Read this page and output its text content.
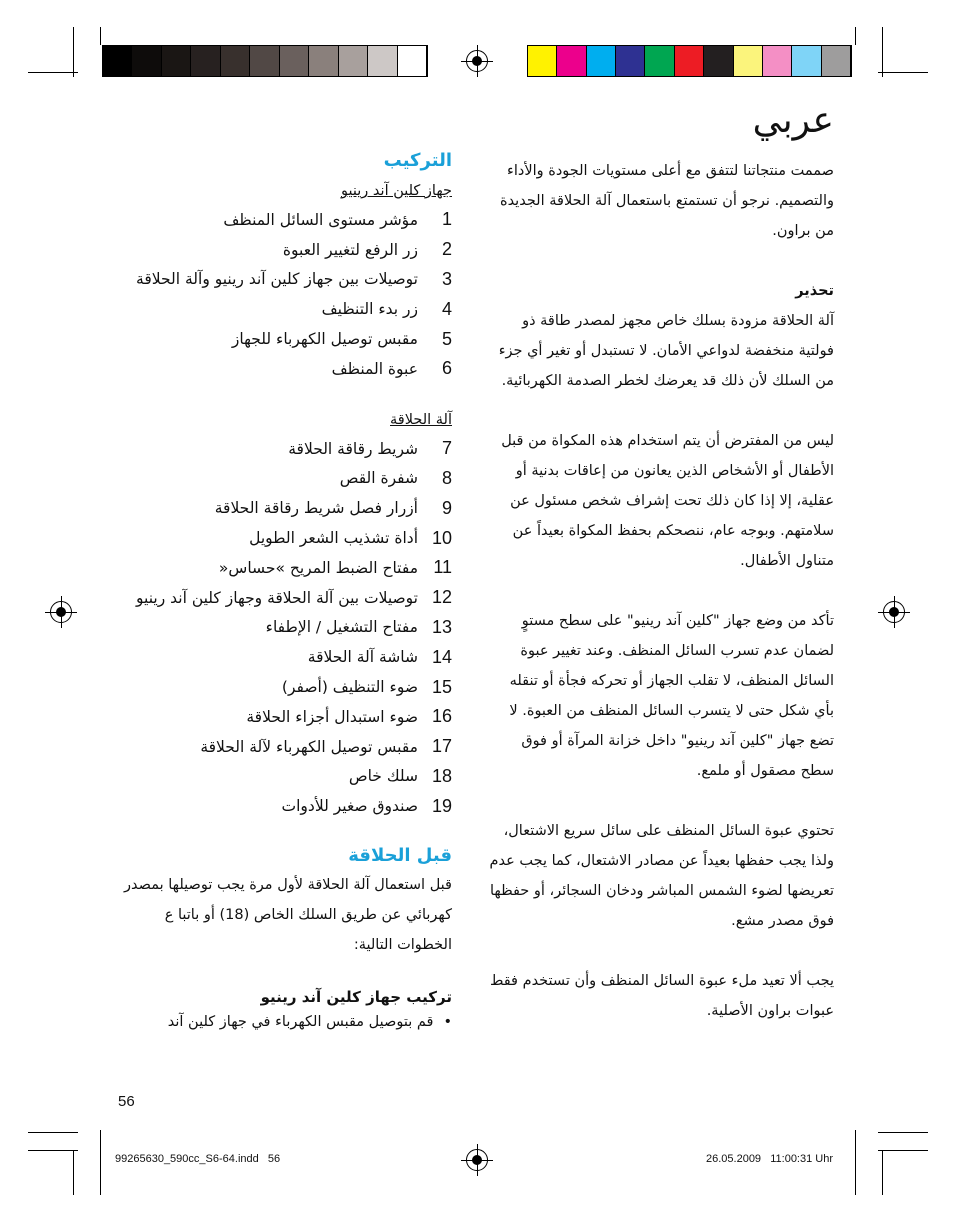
عربي

صممت منتجاتنا لتتفق مع أعلى مستويات الجودة والأداء والتصميم. نرجو أن تستمتع باستعمال آلة الحلاقة الجديدة من براون.

تحذير

آلة الحلاقة مزودة بسلك خاص مجهز لمصدر طاقة ذو فولتية منخفضة لدواعي الأمان. لا تستبدل أو تغير أي جزء من السلك لأن ذلك قد يعرضك لخطر الصدمة الكهربائية.

ليس من المفترض أن يتم استخدام هذه المكواة من قبل الأطفال أو الأشخاص الذين يعانون من إعاقات بدنية أو عقلية، إلا إذا كان ذلك تحت إشراف شخص مسئول عن سلامتهم. وبوجه عام، ننصحكم بحفظ المكواة بعيداً عن متناول الأطفال.

تأكد من وضع جهاز "كلين آند رينيو" على سطح مستوٍ لضمان عدم تسرب السائل المنظف. وعند تغيير عبوة السائل المنظف، لا تقلب الجهاز أو تحركه فجأة أو تنقله بأي شكل حتى لا يتسرب السائل المنظف من العبوة. لا تضع جهاز "كلين آند رينيو" داخل خزانة المرآة أو فوق سطح مصقول أو ملمع.

تحتوي عبوة السائل المنظف على سائل سريع الاشتعال، ولذا يجب حفظها بعيداً عن مصادر الاشتعال، كما يجب عدم تعريضها لضوء الشمس المباشر ودخان السجائر، أو حفظها فوق مصدر مشع.

يجب ألا تعيد ملء عبوة السائل المنظف وأن تستخدم فقط عبوات براون الأصلية.

التركيب

جهاز كلين آند رينيو

1
مؤشر مستوى السائل المنظف
2
زر الرفع لتغيير العبوة
3
توصيلات بين جهاز كلين آند رينيو وآلة الحلاقة
4
زر بدء التنظيف
5
مقبس توصيل الكهرباء للجهاز
6
عبوة المنظف

آلة الحلاقة

7
شريط رقاقة الحلاقة
8
شفرة القص
9
أزرار فصل شريط رقاقة الحلاقة
10
أداة تشذيب الشعر الطويل
11
مفتاح الضبط المريح »حساس«
12
توصيلات بين آلة الحلاقة وجهاز كلين آند رينيو
13
مفتاح التشغيل / الإطفاء
14
شاشة آلة الحلاقة
15
ضوء التنظيف (أصفر)
16
ضوء استبدال أجزاء الحلاقة
17
مقبس توصيل الكهرباء لآلة الحلاقة
18
سلك خاص
19
صندوق صغير للأدوات

قبل الحلاقة

قبل استعمال آلة الحلاقة لأول مرة يجب توصيلها بمصدر كهربائي عن طريق السلك الخاص (18) أو باتبا ع الخطوات التالية:

تركيب جهاز كلين آند رينيو

•
قم بتوصيل مقبس الكهرباء في جهاز كلين آند
56
99265630_590cc_S6-64.indd   56	26.05.2009   11:00:31 Uhr
